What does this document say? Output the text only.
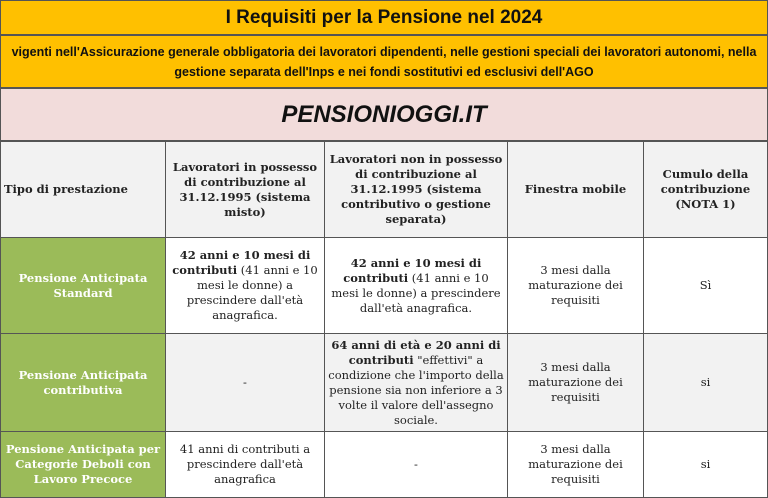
I Requisiti per la Pensione nel 2024
vigenti nell'Assicurazione generale obbligatoria dei lavoratori dipendenti, nelle gestioni speciali dei lavoratori autonomi, nella gestione separata dell'Inps e nei fondi sostitutivi ed esclusivi dell'AGO
PENSIONIOGGI.IT
Tipo di prestazione	Lavoratori in possesso di contribuzione al 31.12.1995 (sistema misto)	Lavoratori non in possesso di contribuzione al 31.12.1995 (sistema contributivo o gestione separata)	Finestra mobile	Cumulo della contribuzione (NOTA 1)
Pensione Anticipata Standard	42 anni e 10 mesi di contributi (41 anni e 10 mesi le donne) a prescindere dall'età anagrafica.	42 anni e 10 mesi di contributi (41 anni e 10 mesi le donne) a prescindere dall'età anagrafica.	3 mesi dalla maturazione dei requisiti	Sì
Pensione Anticipata contributiva	-	64 anni di età e 20 anni di contributi "effettivi" a condizione che l'importo della pensione sia non inferiore a 3 volte il valore dell'assegno sociale.	3 mesi dalla maturazione dei requisiti	si
Pensione Anticipata per Categorie Deboli con Lavoro Precoce	41 anni di contributi a prescindere dall'età anagrafica	-	3 mesi dalla maturazione dei requisiti	si
